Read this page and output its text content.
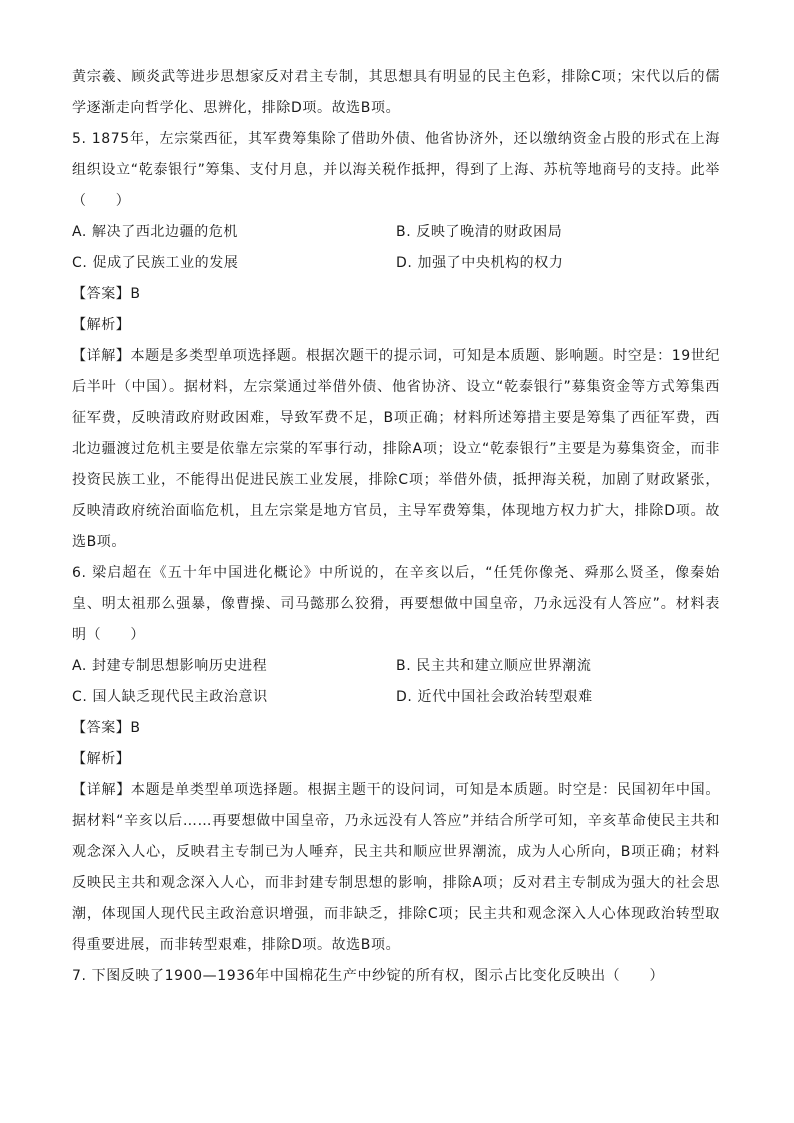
黄宗羲、顾炎武等进步思想家反对君主专制，其思想具有明显的民主色彩，排除C项；宋代以后的儒学逐渐走向哲学化、思辨化，排除D项。故选B项。
5. 1875年，左宗棠西征，其军费筹集除了借助外债、他省协济外，还以缴纳资金占股的形式在上海组织设立“乾泰银行”筹集、支付月息，并以海关税作抵押，得到了上海、苏杭等地商号的支持。此举（　　）
A. 解决了西北边疆的危机	B. 反映了晚清的财政困局
C. 促成了民族工业的发展	D. 加强了中央机构的权力
【答案】B
【解析】
【详解】本题是多类型单项选择题。根据次题干的提示词，可知是本质题、影响题。时空是：19世纪后半叶（中国）。据材料，左宗棠通过举借外债、他省协济、设立“乾泰银行”募集资金等方式筹集西征军费，反映清政府财政困难，导致军费不足，B项正确；材料所述筹措主要是筹集了西征军费，西北边疆渡过危机主要是依靠左宗棠的军事行动，排除A项；设立“乾泰银行”主要是为募集资金，而非投资民族工业，不能得出促进民族工业发展，排除C项；举借外债，抵押海关税，加剧了财政紧张，反映清政府统治面临危机，且左宗棠是地方官员，主导军费筹集，体现地方权力扩大，排除D项。故选B项。
6. 梁启超在《五十年中国进化概论》中所说的，在辛亥以后，“任凭你像尧、舜那么贤圣，像秦始皇、明太祖那么强暴，像曹操、司马懿那么狡猾，再要想做中国皇帝，乃永远没有人答应”。材料表明（　　）
A. 封建专制思想影响历史进程	B. 民主共和建立顺应世界潮流
C. 国人缺乏现代民主政治意识	D. 近代中国社会政治转型艰难
【答案】B
【解析】
【详解】本题是单类型单项选择题。根据主题干的设问词，可知是本质题。时空是：民国初年中国。据材料“辛亥以后……再要想做中国皇帝，乃永远没有人答应”并结合所学可知，辛亥革命使民主共和观念深入人心，反映君主专制已为人唾弃，民主共和顺应世界潮流，成为人心所向，B项正确；材料反映民主共和观念深入人心，而非封建专制思想的影响，排除A项；反对君主专制成为强大的社会思潮，体现国人现代民主政治意识增强，而非缺乏，排除C项；民主共和观念深入人心体现政治转型取得重要进展，而非转型艰难，排除D项。故选B项。
7. 下图反映了1900—1936年中国棉花生产中纱锭的所有权，图示占比变化反映出（　　）
